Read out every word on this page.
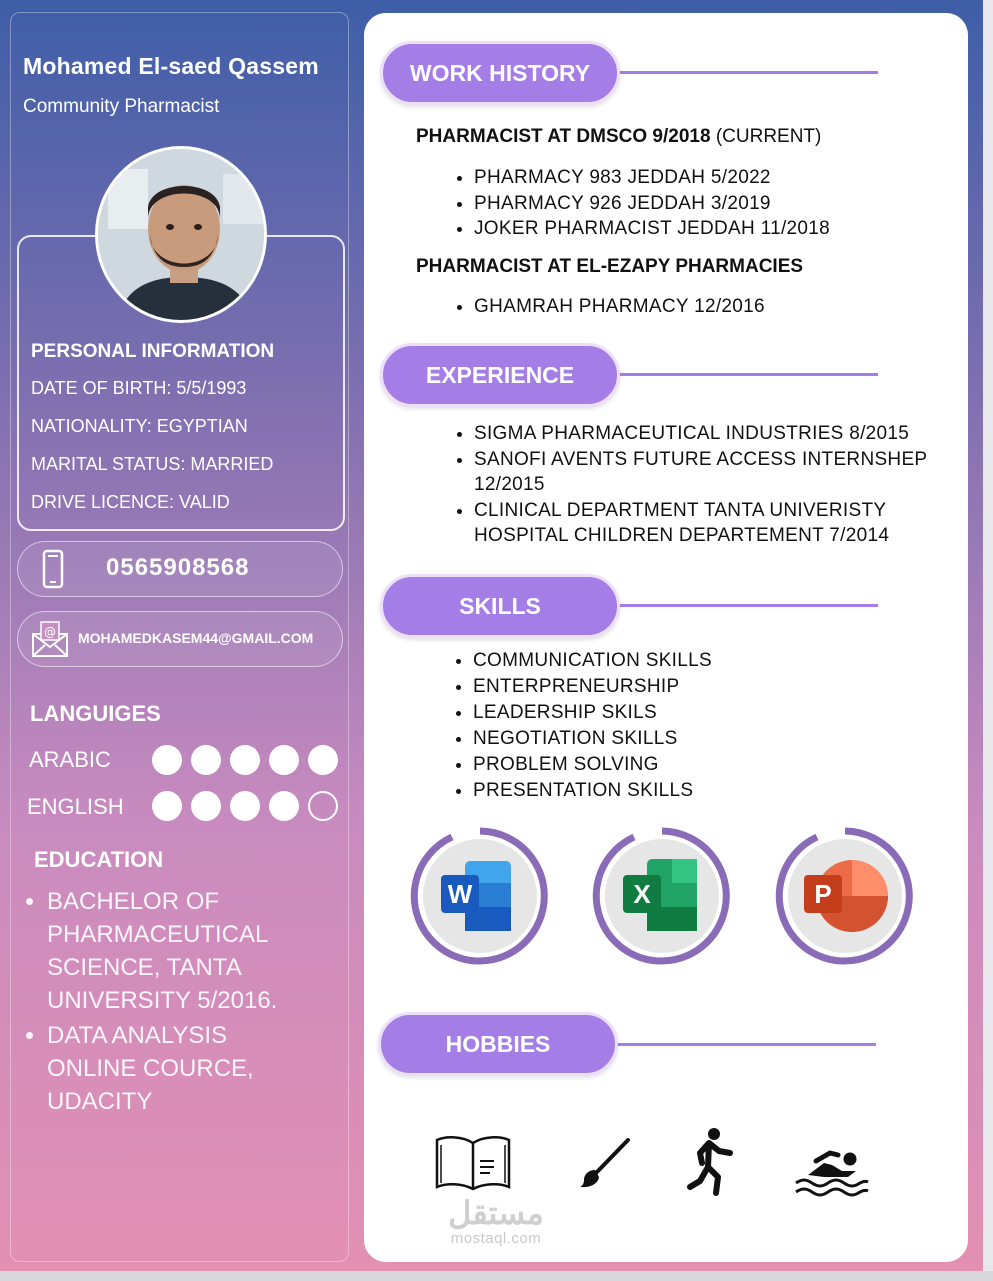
Mohamed El-saed Qassem
Community Pharmacist
PERSONAL INFORMATION
DATE OF BIRTH: 5/5/1993
NATIONALITY: EGYPTIAN
MARITAL STATUS: MARRIED
DRIVE LICENCE: VALID
0565908568
@ MOHAMEDKASEM44@GMAIL.COM
LANGUIGES
ARABIC
ENGLISH
EDUCATION
• BACHELOR OF PHARMACEUTICAL SCIENCE, TANTA UNIVERSITY 5/2016.
• DATA ANALYSIS ONLINE COURCE, UDACITY
WORK HISTORY
PHARMACIST AT DMSCO 9/2018 (CURRENT)
• PHARMACY 983 JEDDAH 5/2022
• PHARMACY 926 JEDDAH 3/2019
• JOKER PHARMACIST JEDDAH 11/2018
PHARMACIST AT EL-EZAPY PHARMACIES
• GHAMRAH PHARMACY 12/2016
EXPERIENCE
• SIGMA PHARMACEUTICAL INDUSTRIES 8/2015
• SANOFI AVENTS FUTURE ACCESS INTERNSHEP 12/2015
• CLINICAL DEPARTMENT TANTA UNIVERISTY HOSPITAL CHILDREN DEPARTEMENT 7/2014
SKILLS
• COMMUNICATION SKILLS
• ENTERPRENEURSHIP
• LEADERSHIP SKILS
• NEGOTIATION SKILLS
• PROBLEM SOLVING
• PRESENTATION SKILLS
W	X	P
HOBBIES
مستقل
mostaql.com
